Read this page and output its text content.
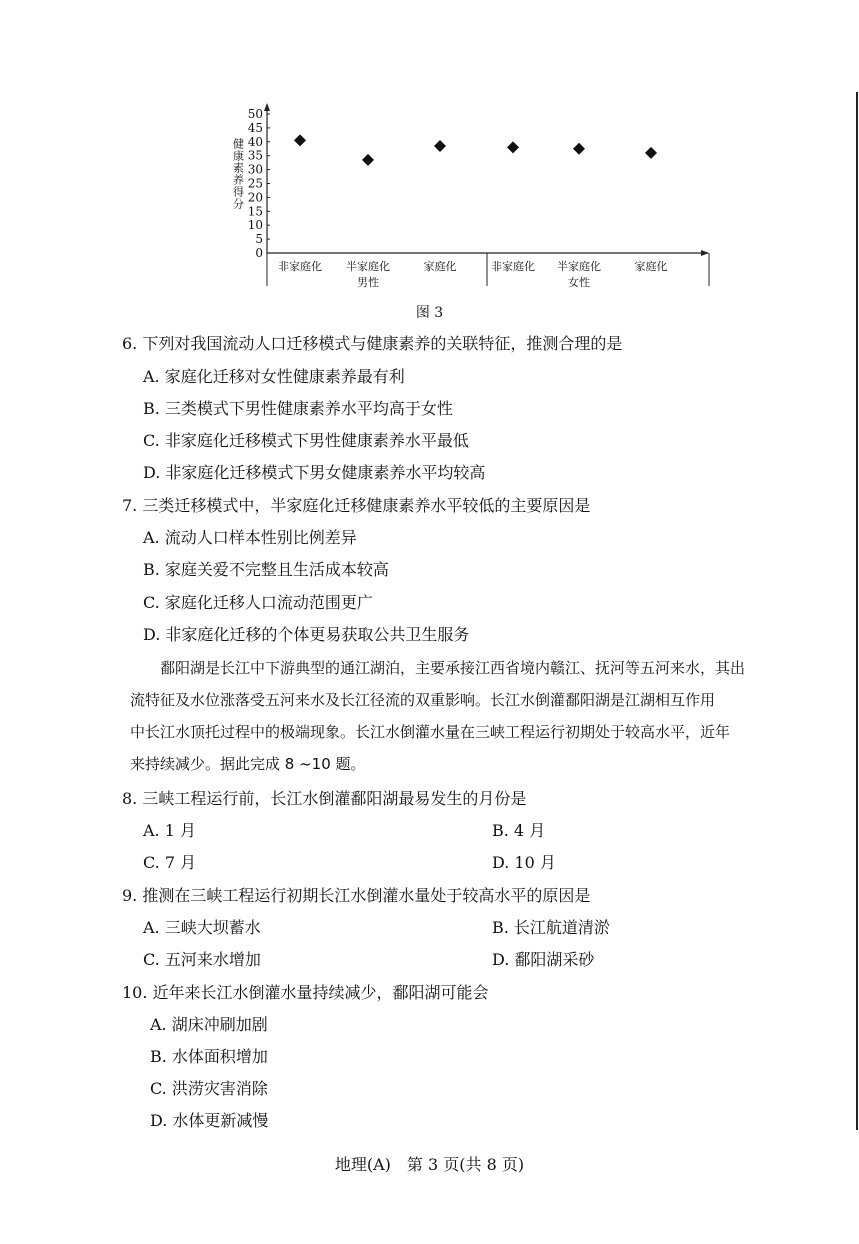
0
5
10
15
20
25
30
35
40
45
50
健康素养得分
非家庭化 半家庭化	家庭化	非家庭化 半家庭化	家庭化
男性	女性
图 3
6. 下列对我国流动人口迁移模式与健康素养的关联特征，推测合理的是
A. 家庭化迁移对女性健康素养最有利
B. 三类模式下男性健康素养水平均高于女性
C. 非家庭化迁移模式下男性健康素养水平最低
D. 非家庭化迁移模式下男女健康素养水平均较高
7. 三类迁移模式中，半家庭化迁移健康素养水平较低的主要原因是
A. 流动人口样本性别比例差异
B. 家庭关爱不完整且生活成本较高
C. 家庭化迁移人口流动范围更广
D. 非家庭化迁移的个体更易获取公共卫生服务
鄱阳湖是长江中下游典型的通江湖泊，主要承接江西省境内赣江、抚河等五河来水，其出
流特征及水位涨落受五河来水及长江径流的双重影响。长江水倒灌鄱阳湖是江湖相互作用
中长江水顶托过程中的极端现象。长江水倒灌水量在三峡工程运行初期处于较高水平，近年
来持续减少。据此完成 8 ~10 题。
8. 三峡工程运行前，长江水倒灌鄱阳湖最易发生的月份是
A. 1 月	B. 4 月
C. 7 月	D. 10 月
9. 推测在三峡工程运行初期长江水倒灌水量处于较高水平的原因是
A. 三峡大坝蓄水	B. 长江航道清淤
C. 五河来水增加	D. 鄱阳湖采砂
10. 近年来长江水倒灌水量持续减少，鄱阳湖可能会
A. 湖床冲刷加剧
B. 水体面积增加
C. 洪涝灾害消除
D. 水体更新减慢
地理(A)　第 3 页(共 8 页)
